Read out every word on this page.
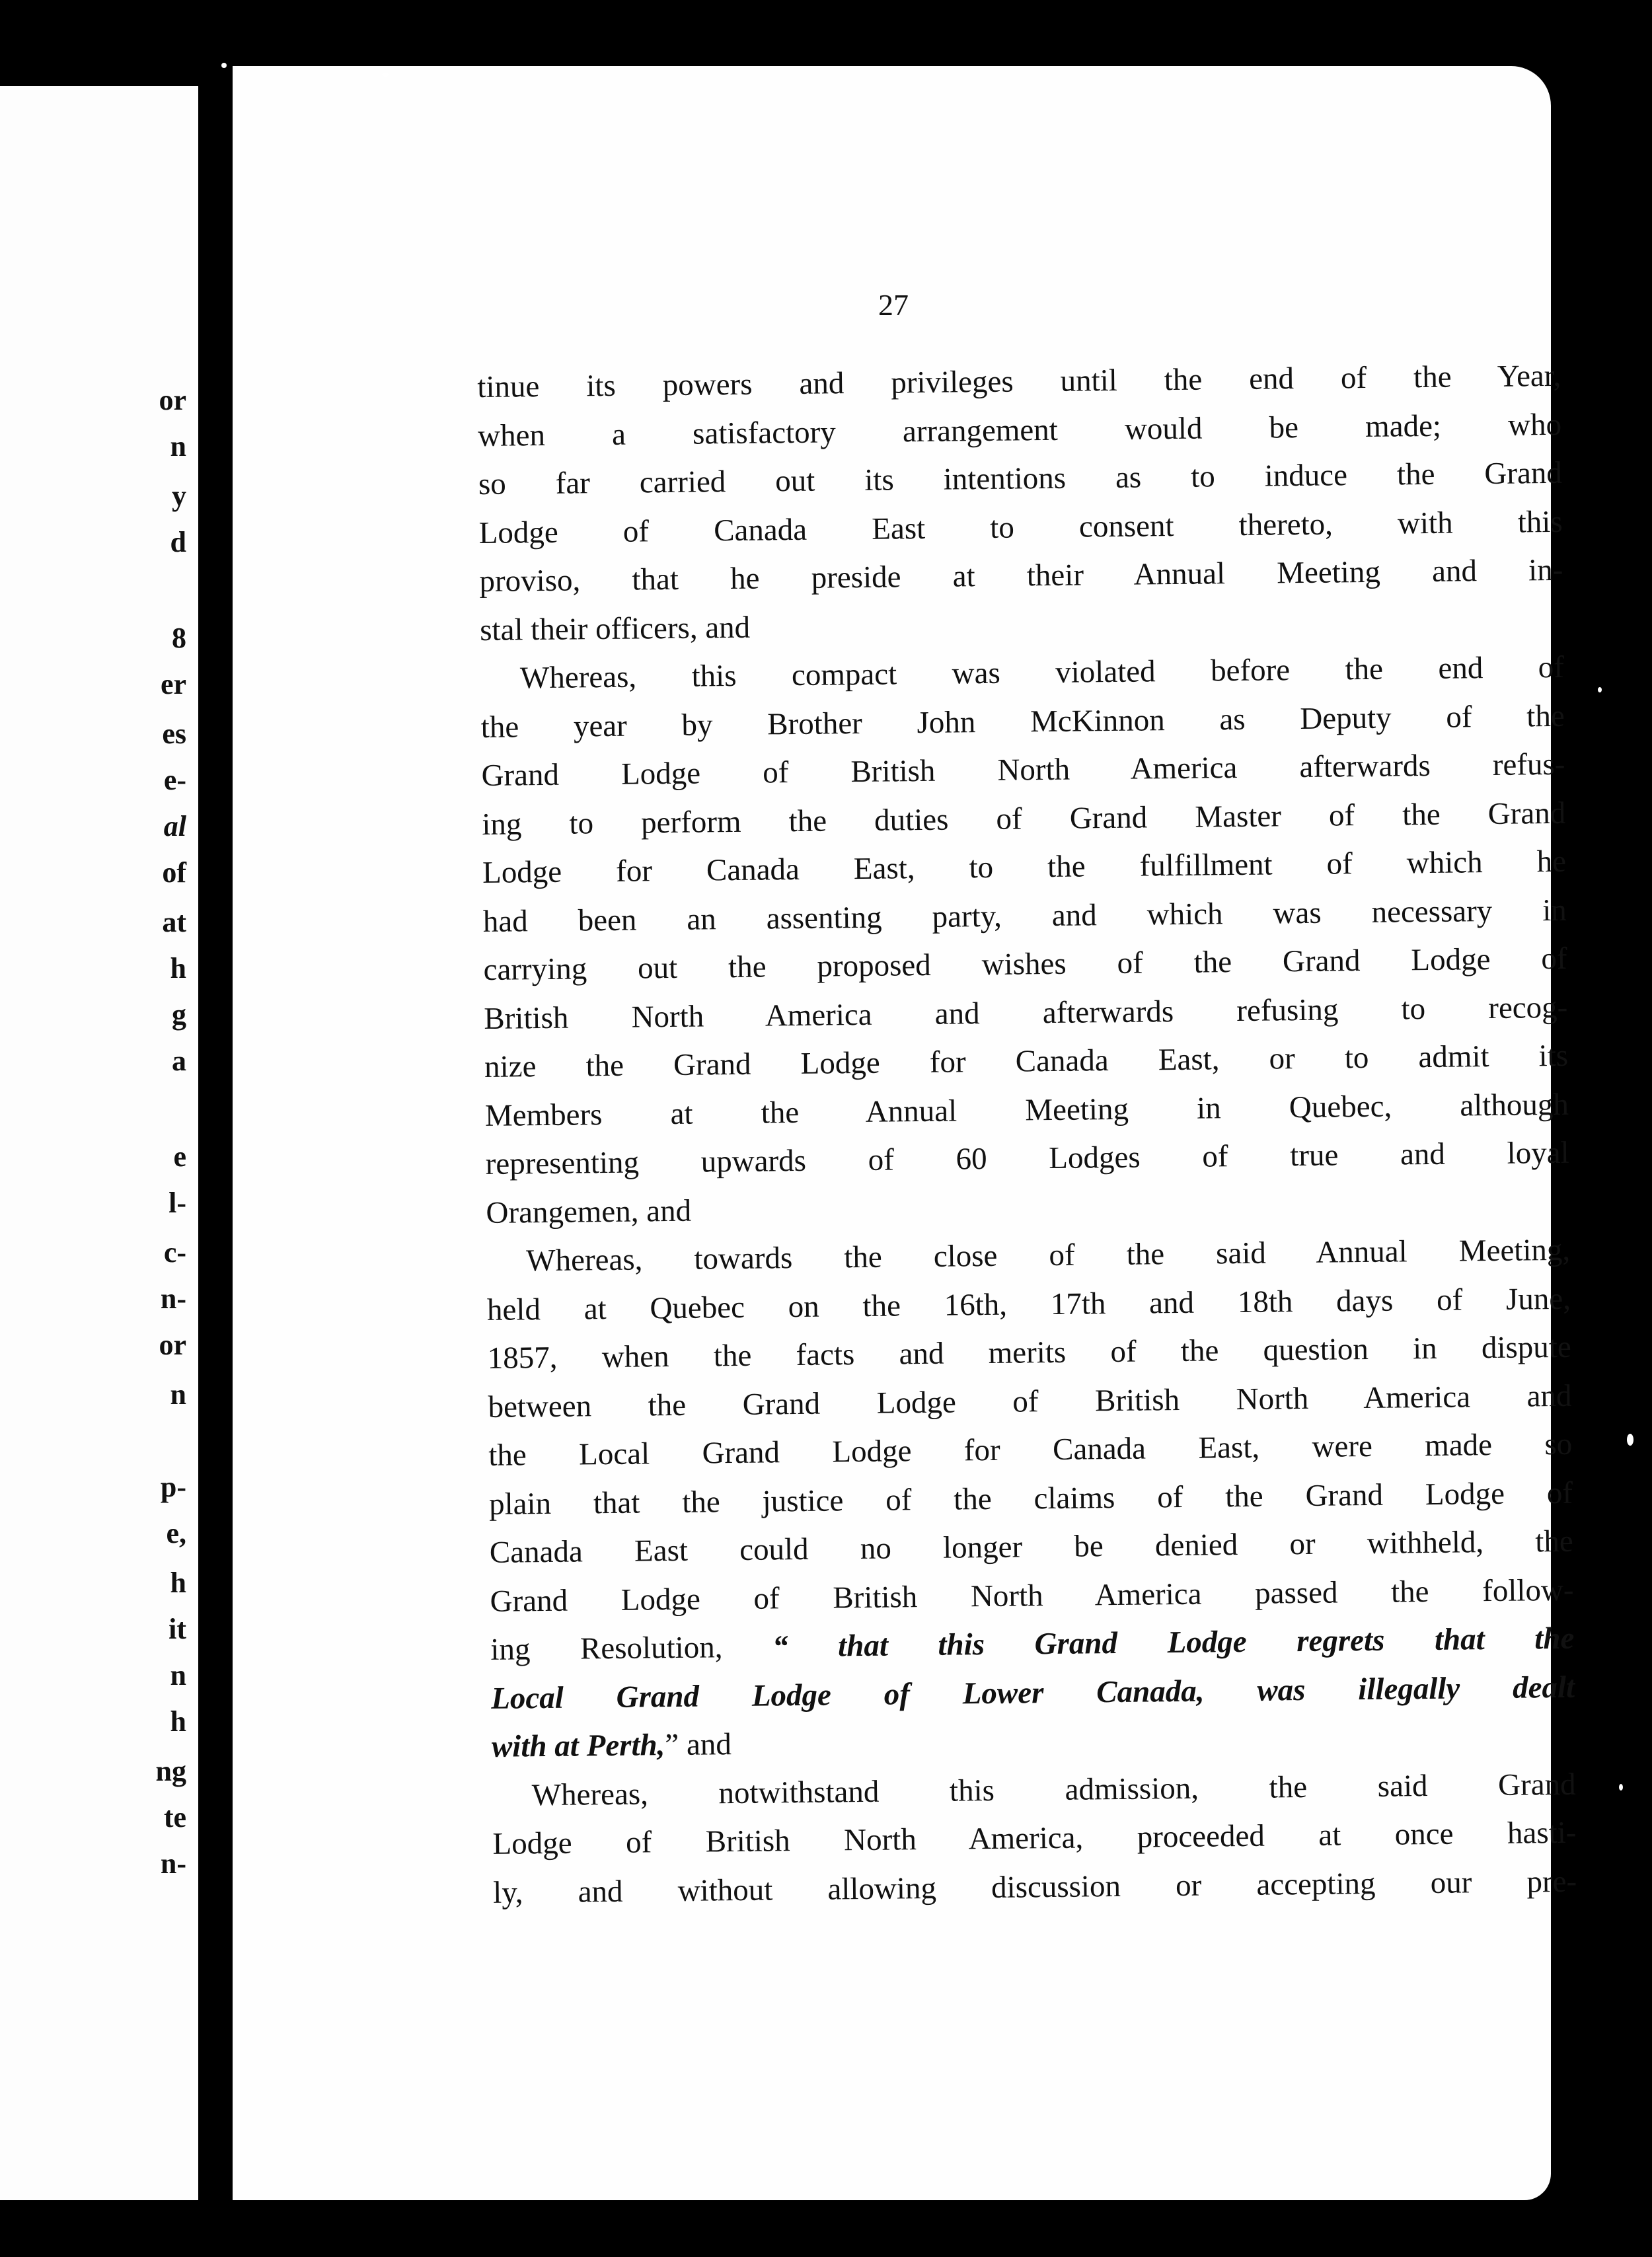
or
n
y
d
8
er
es
e-
al
of
at
h
g
a
e
l-
c-
n-
or
n
p-
e,
h
it
n
h
ng
te
n-
27
tinue its powers and privileges until the end of the Year,
when a satisfactory arrangement would be made; who
so far carried out its intentions as to induce the Grand
Lodge of Canada East to consent thereto, with this
proviso, that he preside at their Annual Meeting and in-
stal their officers, and
Whereas, this compact was violated before the end of
the year by Brother John McKinnon as Deputy of the
Grand Lodge of British North America afterwards refus-
ing to perform the duties of Grand Master of the Grand
Lodge for Canada East, to the fulfillment of which he
had been an assenting party, and which was necessary in
carrying out the proposed wishes of the Grand Lodge of
British North America and afterwards refusing to recog-
nize the Grand Lodge for Canada East, or to admit its
Members at the Annual Meeting in Quebec, although
representing upwards of 60 Lodges of true and loyal
Orangemen, and
Whereas, towards the close of the said Annual Meeting,
held at Quebec on the 16th, 17th and 18th days of June,
1857, when the facts and merits of the question in dispute
between the Grand Lodge of British North America and
the Local Grand Lodge for Canada East, were made so
plain that the justice of the claims of the Grand Lodge of
Canada East could no longer be denied or withheld, the
Grand Lodge of British North America passed the follow-
ing Resolution, “ that this Grand Lodge regrets that the
Local Grand Lodge of Lower Canada, was illegally dealt
with at Perth,” and
Whereas, notwithstand this admission, the said Grand
Lodge of British North America, proceeded at once hasti-
ly, and without allowing discussion or accepting our pre-
